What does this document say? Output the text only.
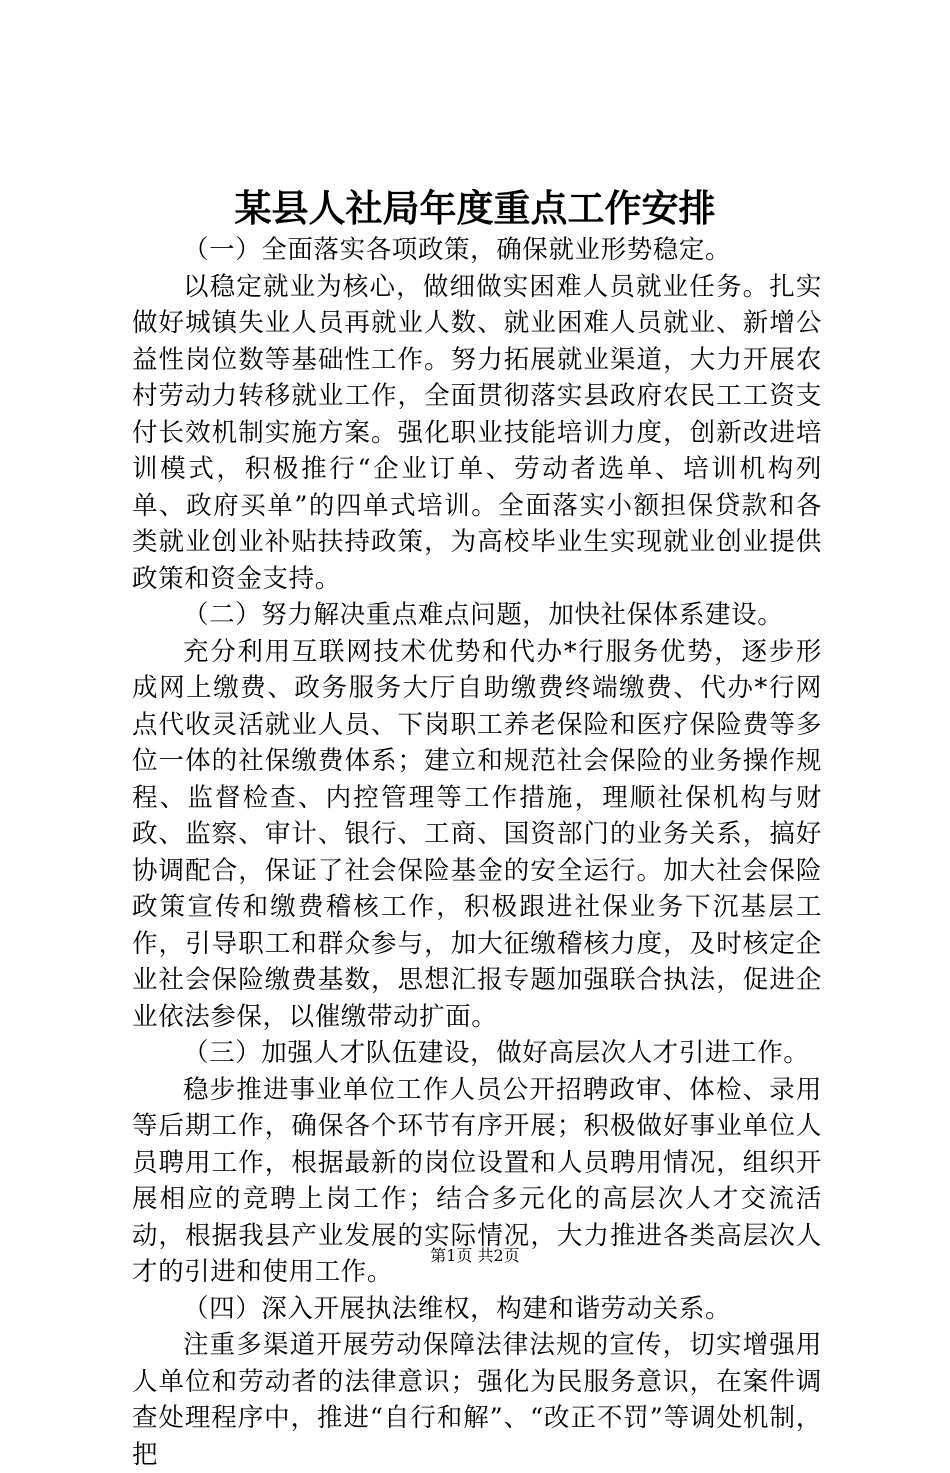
某县人社局年度重点工作安排

（一）全面落实各项政策，确保就业形势稳定。

以稳定就业为核心，做细做实困难人员就业任务。扎实做好城镇失业人员再就业人数、就业困难人员就业、新增公益性岗位数等基础性工作。努力拓展就业渠道，大力开展农村劳动力转移就业工作，全面贯彻落实县政府农民工工资支付长效机制实施方案。强化职业技能培训力度，创新改进培训模式，积极推行“企业订单、劳动者选单、培训机构列单、政府买单”的四单式培训。全面落实小额担保贷款和各类就业创业补贴扶持政策，为高校毕业生实现就业创业提供政策和资金支持。

（二）努力解决重点难点问题，加快社保体系建设。

充分利用互联网技术优势和代办*行服务优势，逐步形成网上缴费、政务服务大厅自助缴费终端缴费、代办*行网点代收灵活就业人员、下岗职工养老保险和医疗保险费等多位一体的社保缴费体系；建立和规范社会保险的业务操作规程、监督检查、内控管理等工作措施，理顺社保机构与财政、监察、审计、银行、工商、国资部门的业务关系，搞好协调配合，保证了社会保险基金的安全运行。加大社会保险政策宣传和缴费稽核工作，积极跟进社保业务下沉基层工作，引导职工和群众参与，加大征缴稽核力度，及时核定企业社会保险缴费基数，思想汇报专题加强联合执法，促进企业依法参保，以催缴带动扩面。

（三）加强人才队伍建设，做好高层次人才引进工作。

稳步推进事业单位工作人员公开招聘政审、体检、录用等后期工作，确保各个环节有序开展；积极做好事业单位人员聘用工作，根据最新的岗位设置和人员聘用情况，组织开展相应的竞聘上岗工作；结合多元化的高层次人才交流活动，根据我县产业发展的实际情况，大力推进各类高层次人才的引进和使用工作。

（四）深入开展执法维权，构建和谐劳动关系。

注重多渠道开展劳动保障法律法规的宣传，切实增强用人单位和劳动者的法律意识；强化为民服务意识，在案件调查处理程序中，推进“自行和解”、“改正不罚”等调处机制，把

第1页 共2页
